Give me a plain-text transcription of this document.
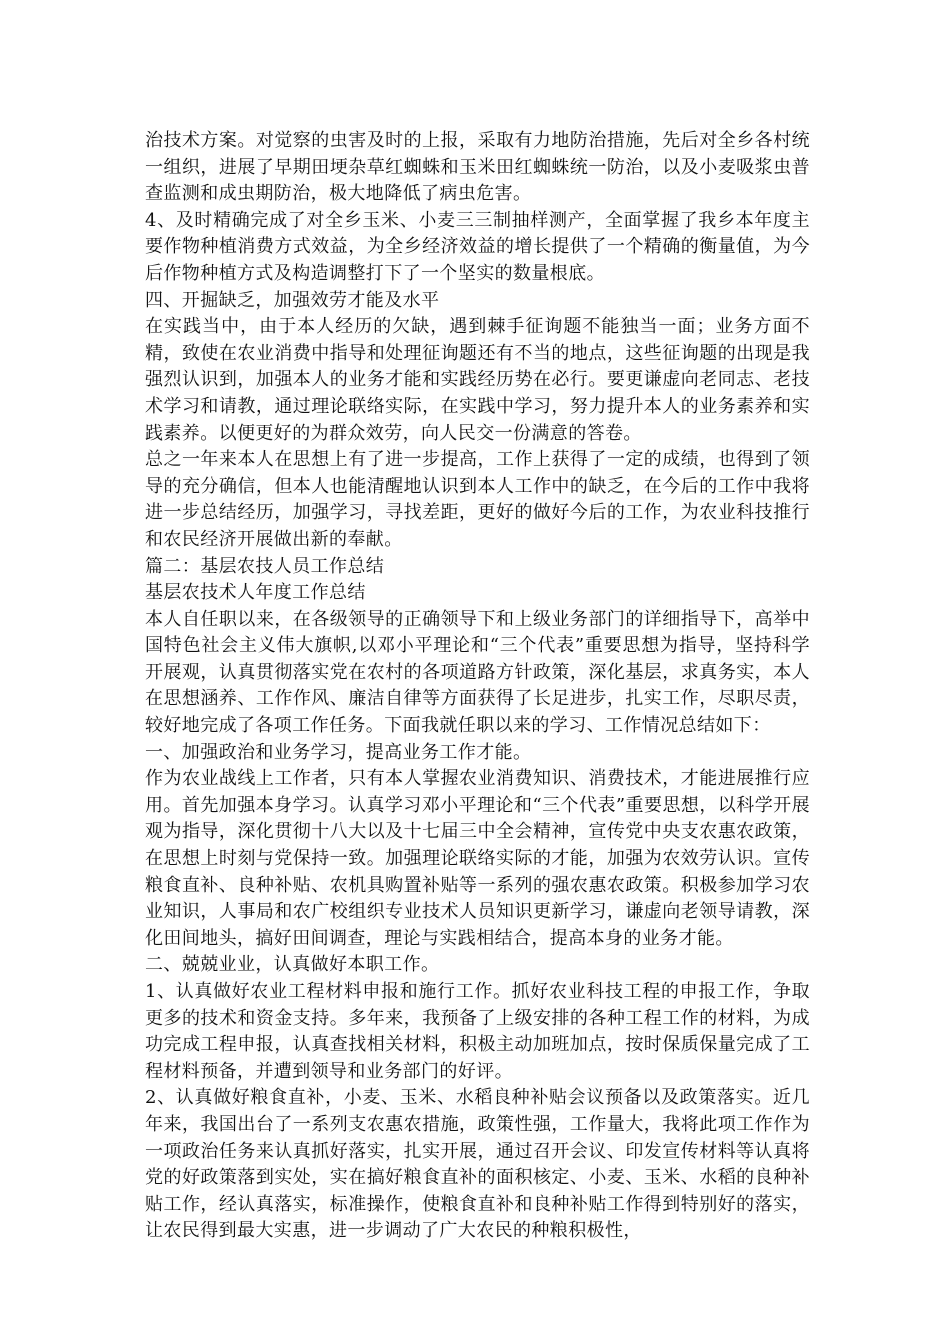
治技术方案。对觉察的虫害及时的上报，采取有力地防治措施，先后对全乡各村统一组织，进展了早期田埂杂草红蜘蛛和玉米田红蜘蛛统一防治，以及小麦吸浆虫普查监测和成虫期防治，极大地降低了病虫危害。

4、及时精确完成了对全乡玉米、小麦三三制抽样测产，全面掌握了我乡本年度主要作物种植消费方式效益，为全乡经济效益的增长提供了一个精确的衡量值，为今后作物种植方式及构造调整打下了一个坚实的数量根底。

四、开掘缺乏，加强效劳才能及水平

在实践当中，由于本人经历的欠缺，遇到棘手征询题不能独当一面；业务方面不精，致使在农业消费中指导和处理征询题还有不当的地点，这些征询题的出现是我强烈认识到，加强本人的业务才能和实践经历势在必行。要更谦虚向老同志、老技术学习和请教，通过理论联络实际，在实践中学习，努力提升本人的业务素养和实践素养。以便更好的为群众效劳，向人民交一份满意的答卷。

总之一年来本人在思想上有了进一步提高，工作上获得了一定的成绩，也得到了领导的充分确信，但本人也能清醒地认识到本人工作中的缺乏，在今后的工作中我将进一步总结经历，加强学习，寻找差距，更好的做好今后的工作，为农业科技推行和农民经济开展做出新的奉献。

篇二：基层农技人员工作总结

基层农技术人年度工作总结

本人自任职以来，在各级领导的正确领导下和上级业务部门的详细指导下，高举中国特色社会主义伟大旗帜,以邓小平理论和“三个代表”重要思想为指导，坚持科学开展观，认真贯彻落实党在农村的各项道路方针政策，深化基层，求真务实，本人在思想涵养、工作作风、廉洁自律等方面获得了长足进步，扎实工作，尽职尽责，较好地完成了各项工作任务。下面我就任职以来的学习、工作情况总结如下：

一、加强政治和业务学习，提高业务工作才能。

作为农业战线上工作者，只有本人掌握农业消费知识、消费技术，才能进展推行应用。首先加强本身学习。认真学习邓小平理论和“三个代表”重要思想，以科学开展观为指导，深化贯彻十八大以及十七届三中全会精神，宣传党中央支农惠农政策，在思想上时刻与党保持一致。加强理论联络实际的才能，加强为农效劳认识。宣传粮食直补、良种补贴、农机具购置补贴等一系列的强农惠农政策。积极参加学习农业知识，人事局和农广校组织专业技术人员知识更新学习，谦虚向老领导请教，深化田间地头，搞好田间调查，理论与实践相结合，提高本身的业务才能。

二、兢兢业业，认真做好本职工作。

1、认真做好农业工程材料申报和施行工作。抓好农业科技工程的申报工作，争取更多的技术和资金支持。多年来，我预备了上级安排的各种工程工作的材料，为成功完成工程申报，认真查找相关材料，积极主动加班加点，按时保质保量完成了工程材料预备，并遭到领导和业务部门的好评。

2、认真做好粮食直补，小麦、玉米、水稻良种补贴会议预备以及政策落实。近几年来，我国出台了一系列支农惠农措施，政策性强，工作量大，我将此项工作作为一项政治任务来认真抓好落实，扎实开展，通过召开会议、印发宣传材料等认真将党的好政策落到实处，实在搞好粮食直补的面积核定、小麦、玉米、水稻的良种补贴工作，经认真落实，标准操作，使粮食直补和良种补贴工作得到特别好的落实，让农民得到最大实惠，进一步调动了广大农民的种粮积极性，
